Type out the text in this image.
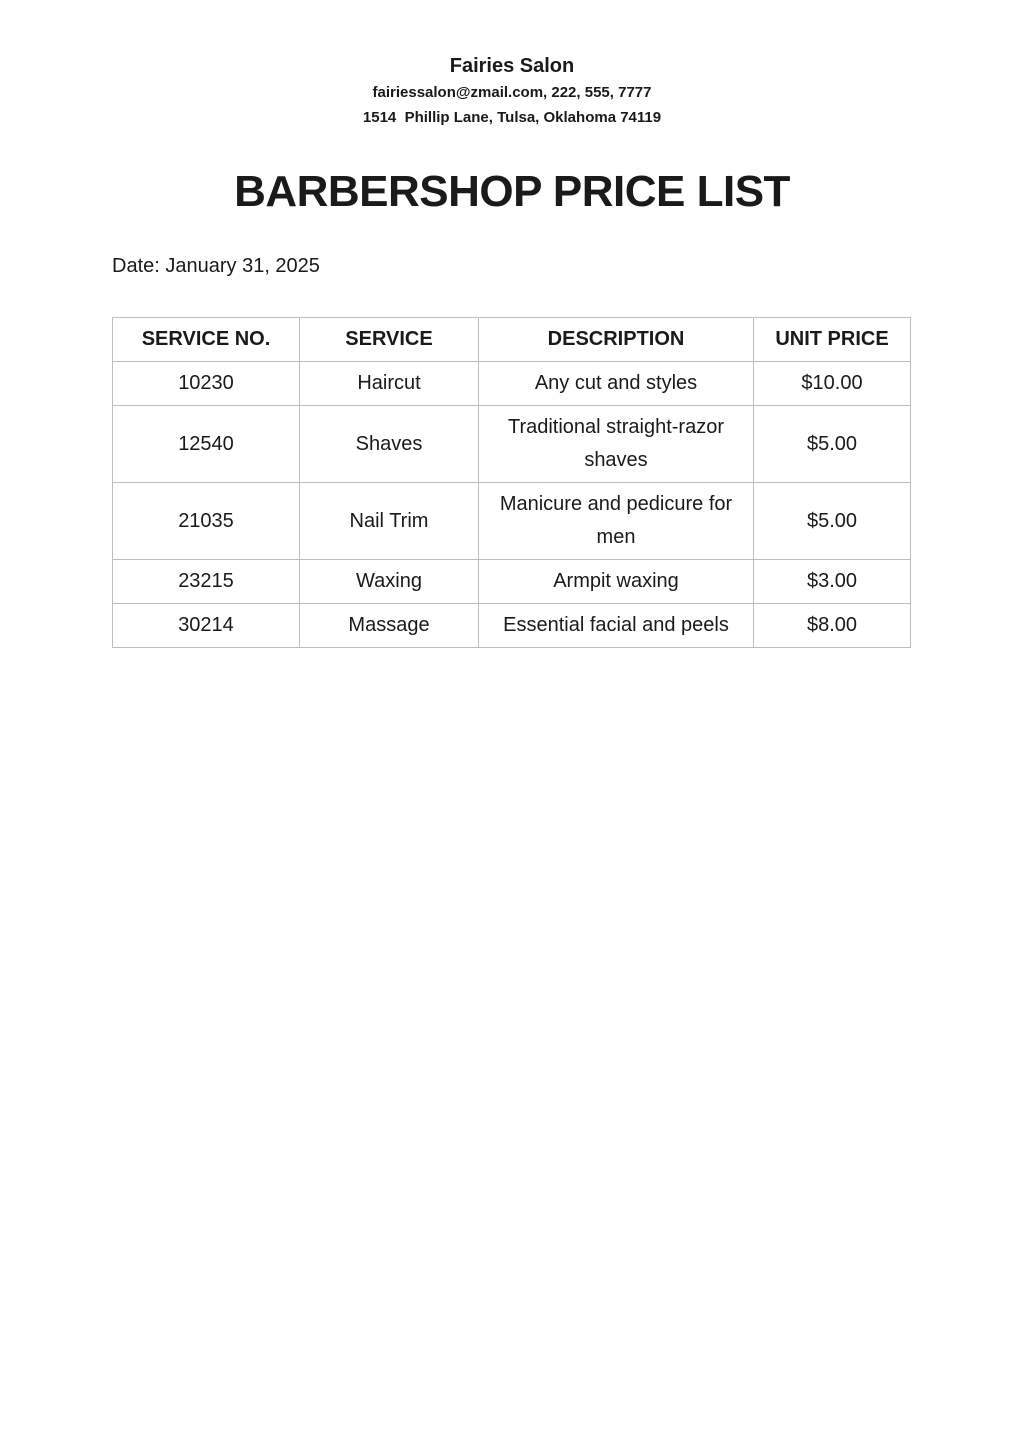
Fairies Salon

fairiessalon@zmail.com, 222, 555, 7777

1514  Phillip Lane, Tulsa, Oklahoma 74119

BARBERSHOP PRICE LIST

Date: January 31, 2025

SERVICE NO.	SERVICE	DESCRIPTION	UNIT PRICE
10230	Haircut	Any cut and styles	$10.00
12540	Shaves	Traditional straight-razor shaves	$5.00
21035	Nail Trim	Manicure and pedicure for men	$5.00
23215	Waxing	Armpit waxing	$3.00
30214	Massage	Essential facial and peels	$8.00
